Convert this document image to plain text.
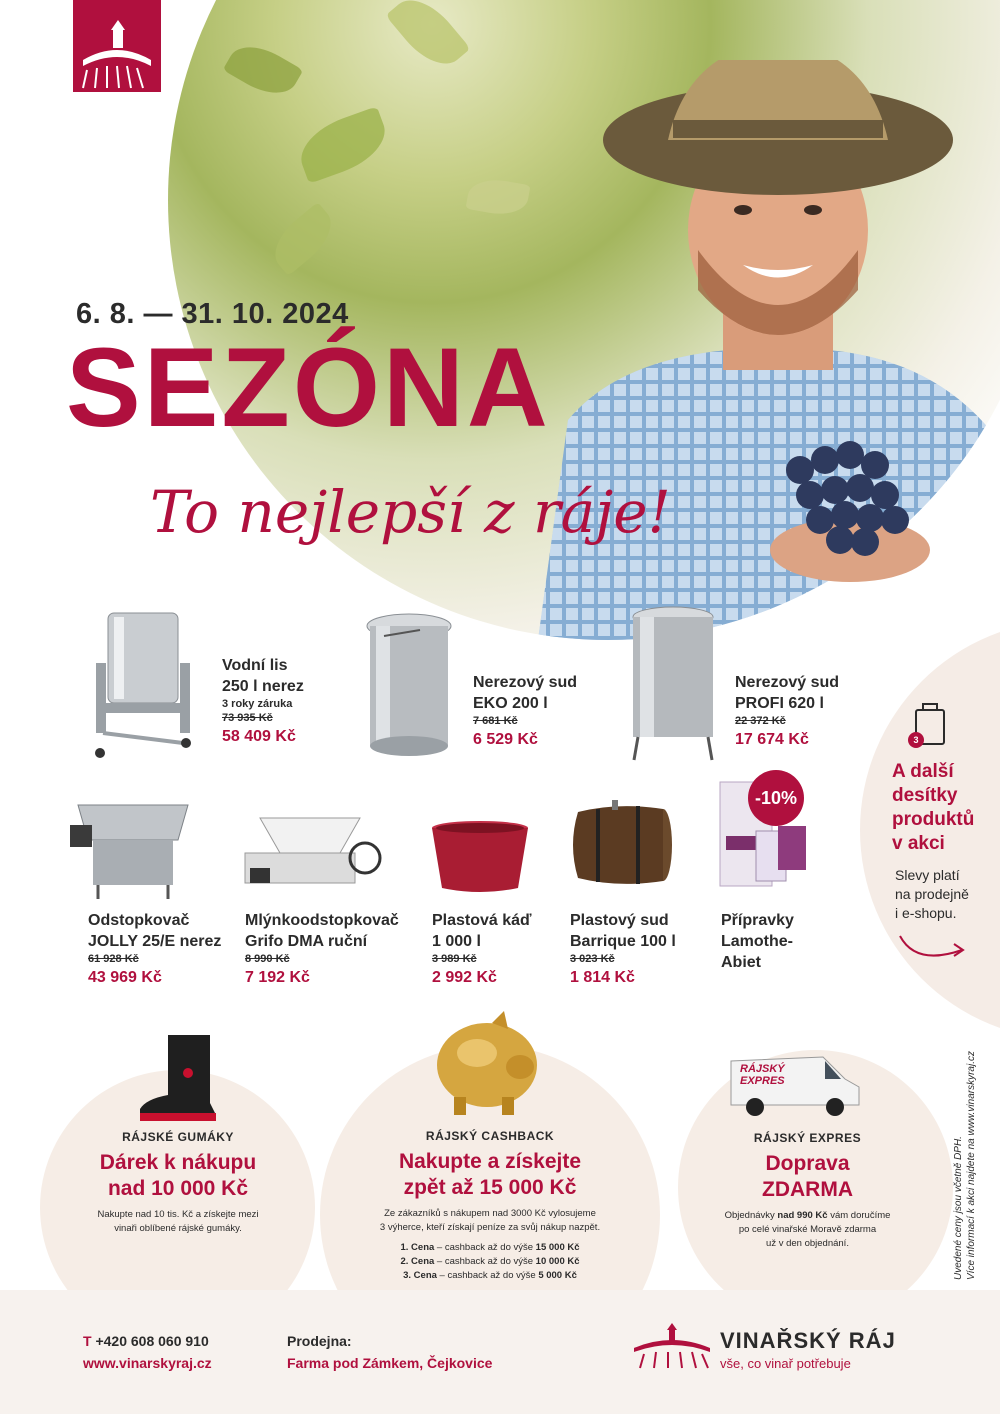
6. 8. — 31. 10. 2024
SEZÓNA
To nejlepší z ráje!
3
A další
desítky
produktů
v akci
Slevy platí
na prodejně
i e-shopu.
Vodní lis
250 l nerez
3 roky záruka
73 935 Kč
58 409 Kč
Nerezový sud
EKO 200 l
7 681 Kč
6 529 Kč
Nerezový sud
PROFI 620 l
22 372 Kč
17 674 Kč
-10%
Odstopkovač
JOLLY 25/E nerez
61 928 Kč
43 969 Kč
Mlýnkoodstopkovač
Grifo DMA ruční
8 990 Kč
7 192 Kč
Plastová káď
1 000 l
3 989 Kč
2 992 Kč
Plastový sud
Barrique 100 l
3 023 Kč
1 814 Kč
Přípravky
Lamothe-
Abiet
RÁJSKÝ
EXPRES
RÁJSKÉ GUMÁKY
Dárek k nákupu
nad 10 000 Kč
Nakupte nad 10 tis. Kč a získejte mezi
vinaři oblíbené rájské gumáky.
RÁJSKÝ CASHBACK
Nakupte a získejte
zpět až 15 000 Kč
Ze zákazníků s nákupem nad 3000 Kč vylosujeme
3 výherce, kteří získají peníze za svůj nákup nazpět.
1. Cena – cashback až do výše 15 000 Kč
2. Cena – cashback až do výše 10 000 Kč
3. Cena – cashback až do výše 5 000 Kč
RÁJSKÝ EXPRES
Doprava
ZDARMA
Objednávky nad 990 Kč vám doručíme
po celé vinařské Moravě zdarma
už v den objednání.	Uvedené ceny jsou včetně DPH. Více informací k akci najdete na www.vinarskyraj.cz
T +420 608 060 910
www.vinarskyraj.cz
Prodejna:
Farma pod Zámkem, Čejkovice
VINAŘSKÝ RÁJ
vše, co vinař potřebuje
